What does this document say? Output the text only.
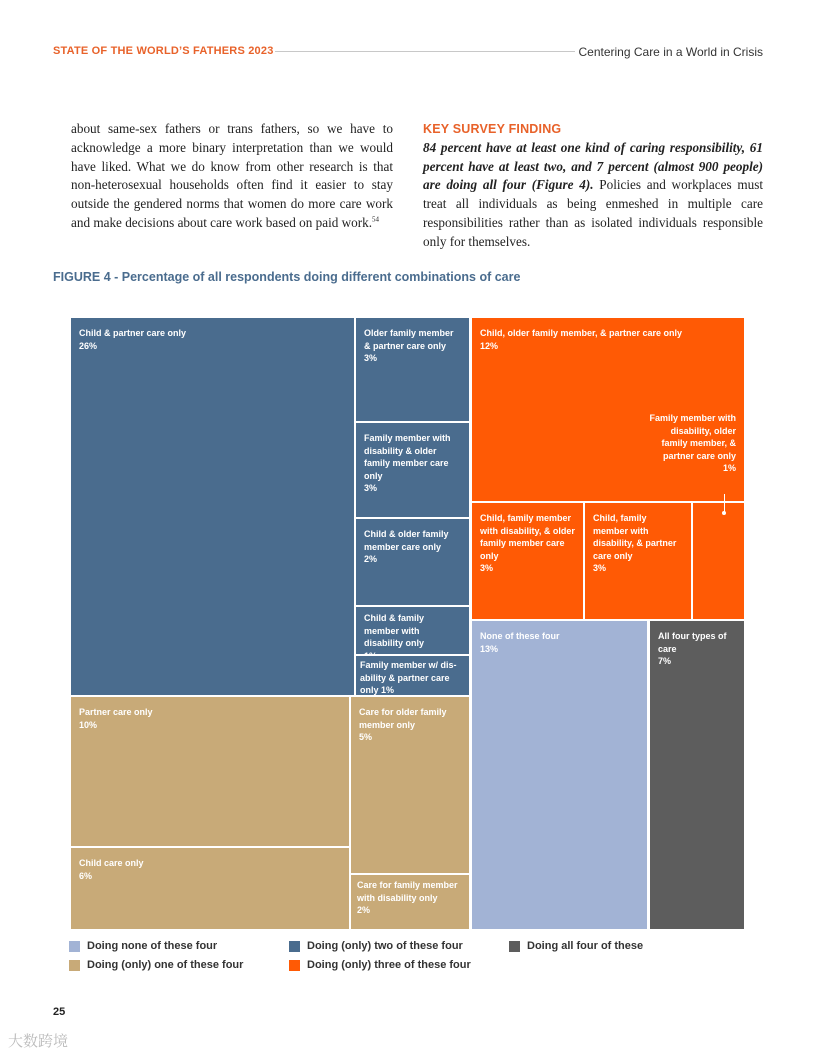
STATE OF THE WORLD’S FATHERS 2023	Centering Care in a World in Crisis
about same-sex fathers or trans fathers, so we have to acknowledge a more binary interpretation than we would have liked. What we do know from other research is that non-heterosexual households often find it easier to stay outside the gendered norms that women do more care work and make decisions about care work based on paid work.$^{54}$
KEY SURVEY FINDING
84 percent have at least one kind of caring responsibility, 61 percent have at least two, and 7 percent (almost 900 people) are doing all four (Figure 4). Policies and workplaces must treat all individuals as being enmeshed in multiple care responsibilities rather than as isolated individuals responsible only for themselves.
FIGURE 4 - Percentage of all respondents doing different combinations of care
Child & partner care only
26%
Older family member & partner care only
3%
Family member with disability & older family member care only
3%
Child & older family member care only
2%
Child & family member with disability only
Family member w/ dis- ability & partner care only 1%
Partner care only
10%
Care for older family member only
5%
Child care only
6%
Care for family member with disability only
2%
Child, older family member, & partner care only
12%
Family member with disability, older family member, & partner care only
1%
Child, family member with disability, & older family member care only
3%
Child, family member with disability, & partner care only
3%
None of these four
13%
All four types of care
7%
Doing none of these four	Doing (only) two of these four	Doing all four of these
Doing (only) one of these four	Doing (only) three of these four
25
大数跨境
